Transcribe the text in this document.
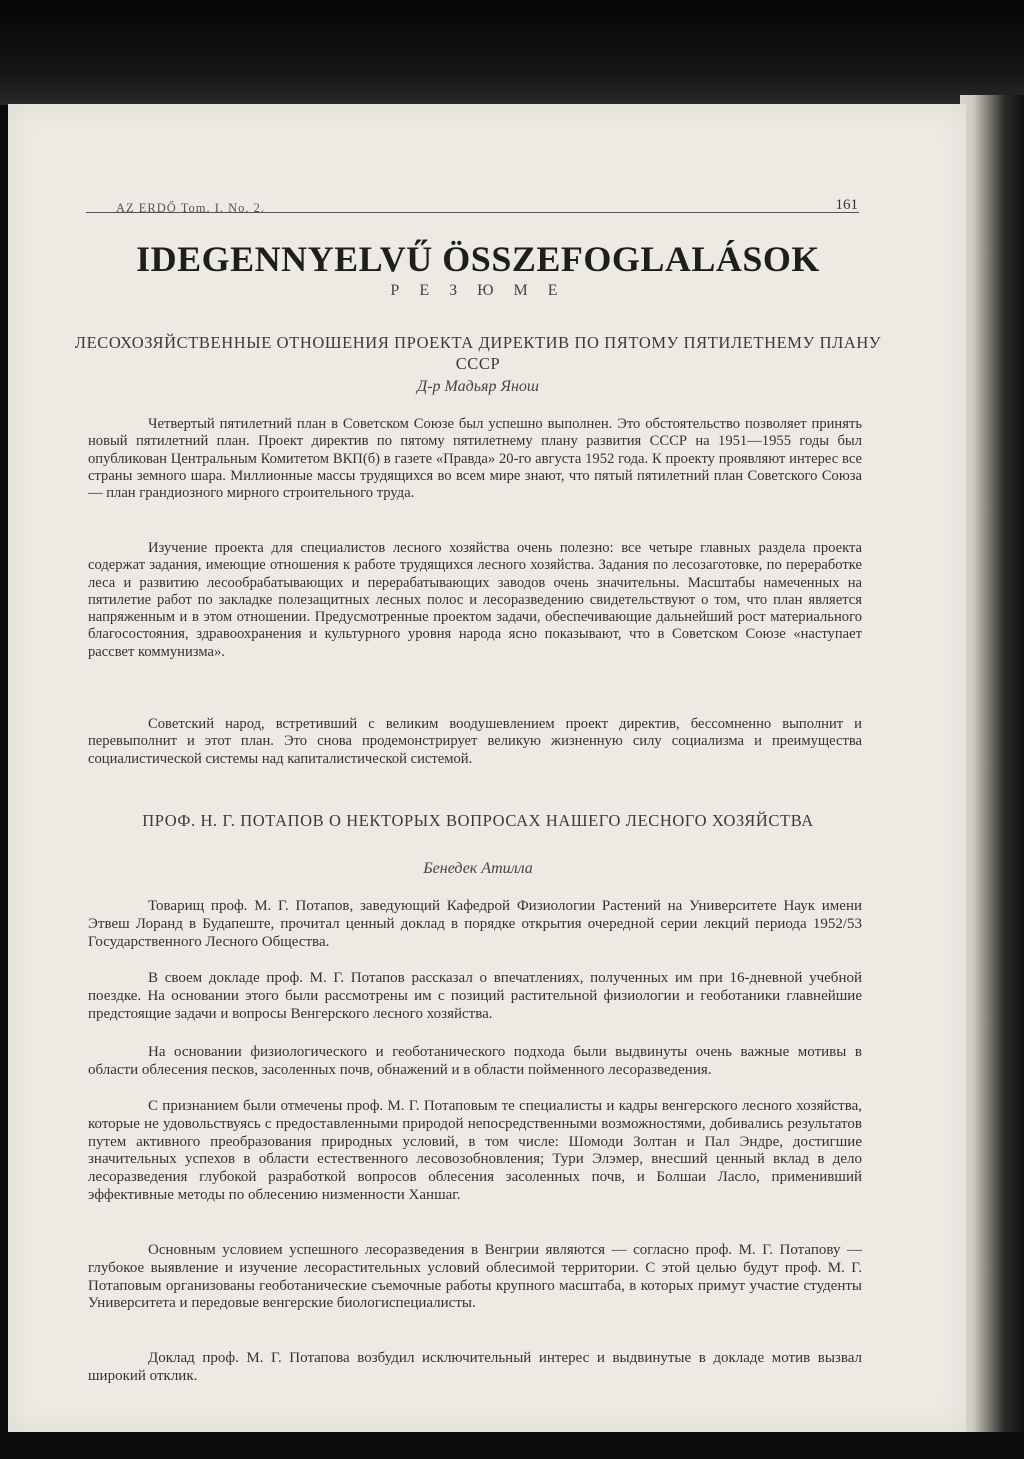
AZ ERDŐ Tom. I. No. 2.	161
IDEGENNYELVŰ ÖSSZEFOGLALÁSOK
Р Е З Ю М Е
ЛЕСОХОЗЯЙСТВЕННЫЕ ОТНОШЕНИЯ ПРОЕКТА ДИРЕКТИВ ПО ПЯТОМУ ПЯТИЛЕТНЕМУ ПЛАНУ СССР
Д-р Мадьяр Янош

Четвертый пятилетний план в Советском Союзе был успешно выполнен. Это обстоятельство позволяет принять новый пятилетний план. Проект директив по пятому пятилетнему плану развития СССР на 1951—1955 годы был опубликован Центральным Комитетом ВКП(б) в газете «Правда» 20-го августа 1952 года. К проекту проявляют интерес все страны земного шара. Миллионные массы трудящихся во всем мире знают, что пятый пятилетний план Советского Союза — план грандиозного мирного строительного труда.

Изучение проекта для специалистов лесного хозяйства очень полезно: все четыре главных раздела проекта содержат задания, имеющие отношения к работе трудящихся лесного хозяйства. Задания по лесозаготовке, по переработке леса и развитию лесообрабатывающих и перерабатывающих заводов очень значительны. Масштабы намеченных на пятилетие работ по закладке полезащитных лесных полос и лесоразведению свидетельствуют о том, что план является напряженным и в этом отношении. Предусмотренные проектом задачи, обеспечивающие дальнейший рост материального благосостояния, здравоохранения и культурного уровня народа ясно показывают, что в Советском Союзе «наступает рассвет коммунизма».

Советский народ, встретивший с великим воодушевлением проект директив, бессомненно выполнит и перевыполнит и этот план. Это снова продемонстрирует великую жизненную силу социализма и преимущества социалистической системы над капиталистической системой.

ПРОФ. Н. Г. ПОТАПОВ О НЕКТОРЫХ ВОПРОСАХ НАШЕГО ЛЕСНОГО ХОЗЯЙСТВА
Бенедек Атилла

Товарищ проф. М. Г. Потапов, заведующий Кафедрой Физиологии Растений на Университете Наук имени Этвеш Лоранд в Будапеште, прочитал ценный доклад в порядке открытия очередной серии лекций периода 1952/53 Государственного Лесного Общества.

В своем докладе проф. М. Г. Потапов рассказал о впечатлениях, полученных им при 16-дневной учебной поездке. На основании этого были рассмотрены им с позиций растительной физиологии и геоботаники главнейшие предстоящие задачи и вопросы Венгерского лесного хозяйства.

На основании физиологического и геоботанического подхода были выдвинуты очень важные мотивы в области облесения песков, засоленных почв, обнажений и в области пойменного лесоразведения.

С признанием были отмечены проф. М. Г. Потаповым те специалисты и кадры венгерского лесного хозяйства, которые не удовольствуясь с предоставленными природой непосредственными возможностями, добивались результатов путем активного преобразования природных условий, в том числе: Шомоди Золтан и Пал Эндре, достигшие значительных успехов в области естественного лесовозобновления; Тури Элэмер, внесший ценный вклад в дело лесоразведения глубокой разработкой вопросов облесения засоленных почв, и Болшаи Ласло, применивший эффективные методы по облесению низменности Ханшаг.

Основным условием успешного лесоразведения в Венгрии являются — согласно проф. М. Г. Потапову — глубокое выявление и изучение лесорастительных условий облесимой территории. С этой целью будут проф. М. Г. Потаповым организованы геоботанические съемочные работы крупного масштаба, в которых примут участие студенты Университета и передовые венгерские биологиспециалисты.

Доклад проф. М. Г. Потапова возбудил исключительный интерес и выдвинутые в докладе мотив вызвал широкий отклик.
